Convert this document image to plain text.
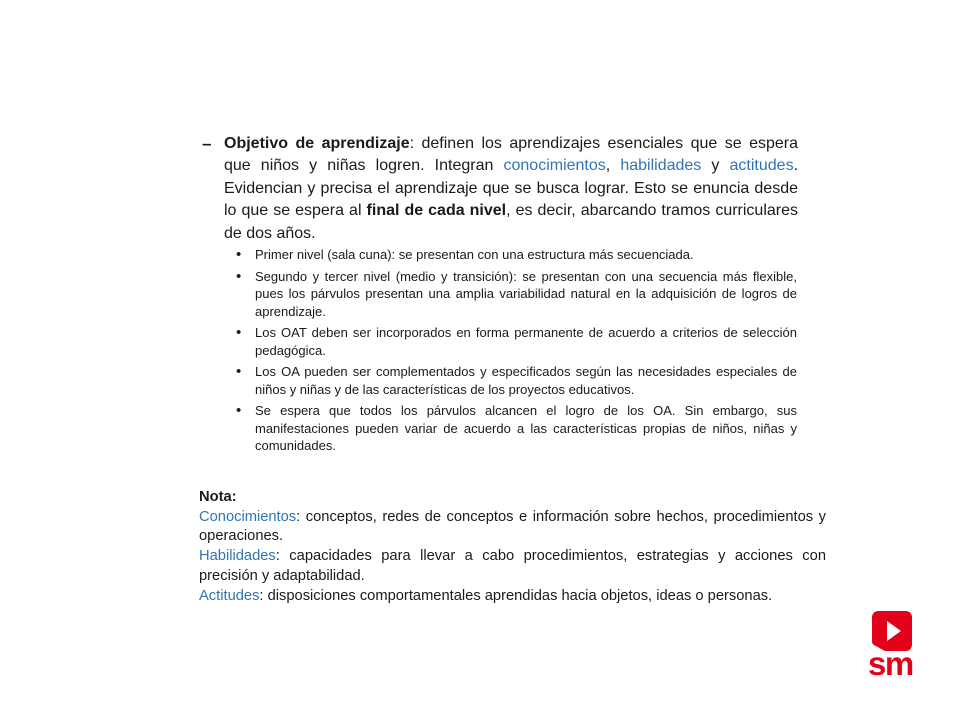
– Objetivo de aprendizaje: definen los aprendizajes esenciales que se espera que niños y niñas logren. Integran conocimientos, habilidades y actitudes. Evidencian y precisa el aprendizaje que se busca lograr. Esto se enuncia desde lo que se espera al final de cada nivel, es decir, abarcando tramos curriculares de dos años.
• Primer nivel (sala cuna): se presentan con una estructura más secuenciada.
• Segundo y tercer nivel (medio y transición): se presentan con una secuencia más flexible, pues los párvulos presentan una amplia variabilidad natural en la adquisición de logros de aprendizaje.
• Los OAT deben ser incorporados en forma permanente de acuerdo a criterios de selección pedagógica.
• Los OA pueden ser complementados y especificados según las necesidades especiales de niños y niñas y de las características de los proyectos educativos.
• Se espera que todos los párvulos alcancen el logro de los OA. Sin embargo, sus manifestaciones pueden variar de acuerdo a las características propias de niños, niñas y comunidades.
Nota:

Conocimientos: conceptos, redes de conceptos e información sobre hechos, procedimientos y operaciones.

Habilidades: capacidades para llevar a cabo procedimientos, estrategias y acciones con precisión y adaptabilidad.

Actitudes: disposiciones comportamentales aprendidas hacia objetos, ideas o personas.

sm
